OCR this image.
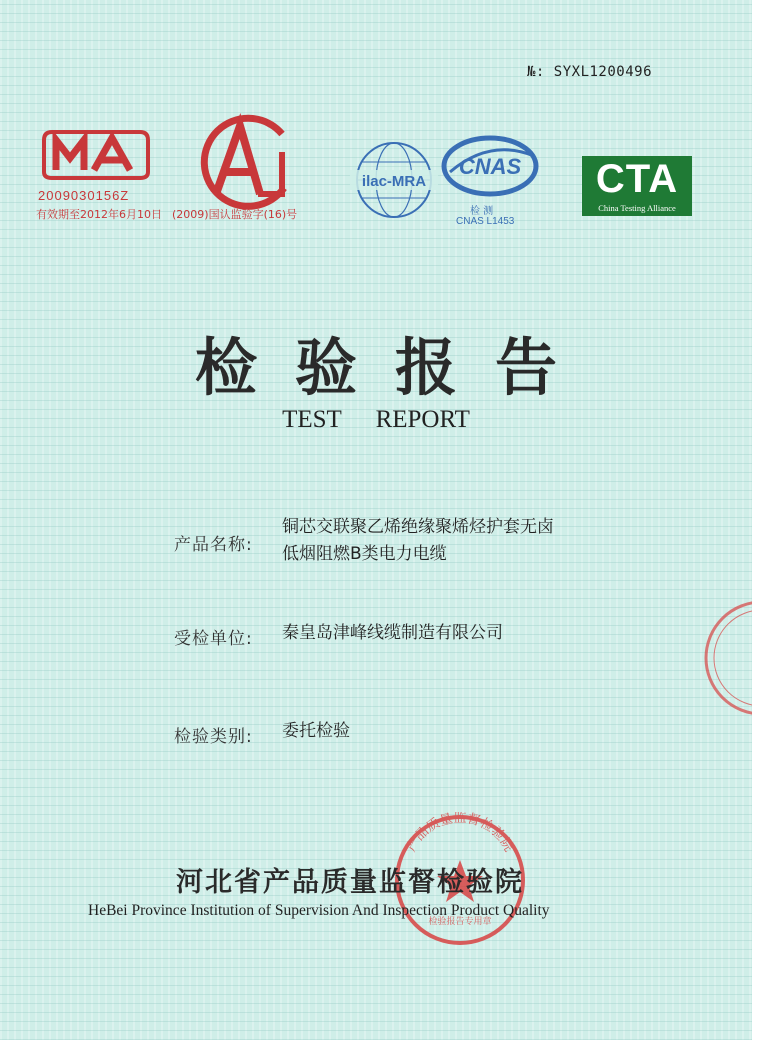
№: SYXL1200496
2009030156Z
有效期至2012年6月10日 (2009)国认监验字(16)号
ilac-MRA
CNAS
检 测
CNAS L1453
CTA
China Testing Alliance
检验报告
TEST REPORT
产品名称:
铜芯交联聚乙烯绝缘聚烯烃护套无卤
低烟阻燃B类电力电缆
受检单位: 秦皇岛津峰线缆制造有限公司
检验类别: 委托检验
产品质量监督检验院
检验报告专用章
河北省产品质量监督检验院
HeBei Province Institution of Supervision And Inspection Product Quality
